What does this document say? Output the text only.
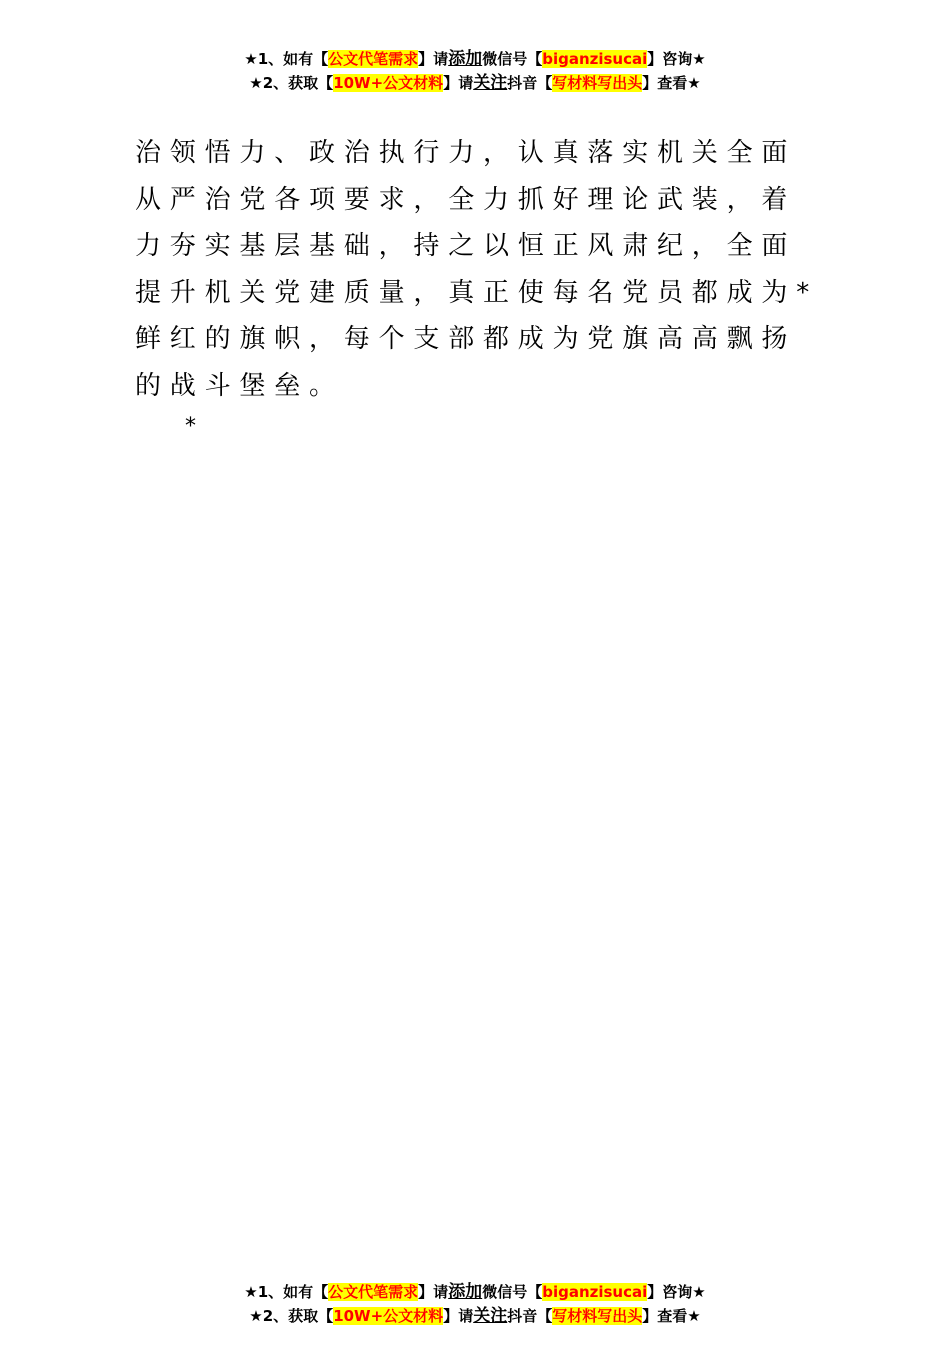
★1、如有【公文代笔需求】请添加微信号【biganzisucai】咨询★
★2、获取【10W+公文材料】请关注抖音【写材料写出头】查看★

治领悟力、政治执行力，认真落实机关全面从严治党各项要求，全力抓好理论武装，着力夯实基层基础，持之以恒正风肃纪，全面提升机关党建质量，真正使每名党员都成为*鲜红的旗帜，每个支部都成为党旗高高飘扬的战斗堡垒。

*
★1、如有【公文代笔需求】请添加微信号【biganzisucai】咨询★
★2、获取【10W+公文材料】请关注抖音【写材料写出头】查看★
